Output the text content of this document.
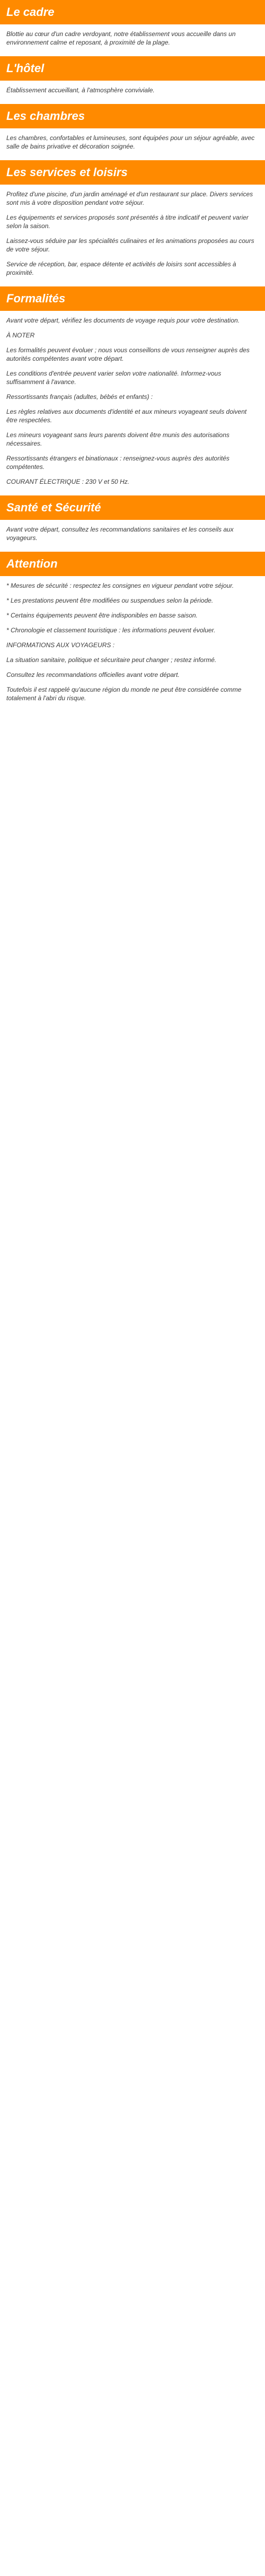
Le cadre

Blottie au cœur d'un cadre verdoyant, notre établissement vous accueille dans un environnement calme et reposant, à proximité de la plage.

L'hôtel

Établissement accueillant, à l'atmosphère conviviale.

Les chambres

Les chambres, confortables et lumineuses, sont équipées pour un séjour agréable, avec salle de bains privative et décoration soignée.

Les services et loisirs

Profitez d'une piscine, d'un jardin aménagé et d'un restaurant sur place. Divers services sont mis à votre disposition pendant votre séjour.

Les équipements et services proposés sont présentés à titre indicatif et peuvent varier selon la saison.

Laissez-vous séduire par les spécialités culinaires et les animations proposées au cours de votre séjour.

Service de réception, bar, espace détente et activités de loisirs sont accessibles à proximité.

Formalités

Avant votre départ, vérifiez les documents de voyage requis pour votre destination.

À NOTER

Les formalités peuvent évoluer ; nous vous conseillons de vous renseigner auprès des autorités compétentes avant votre départ.

Les conditions d'entrée peuvent varier selon votre nationalité. Informez-vous suffisamment à l'avance.

Ressortissants français (adultes, bébés et enfants) :

Les règles relatives aux documents d'identité et aux mineurs voyageant seuls doivent être respectées.

Les mineurs voyageant sans leurs parents doivent être munis des autorisations nécessaires.

Ressortissants étrangers et binationaux : renseignez-vous auprès des autorités compétentes.

COURANT ÉLECTRIQUE : 230 V et 50 Hz.

Santé et Sécurité

Avant votre départ, consultez les recommandations sanitaires et les conseils aux voyageurs.

Attention

* Mesures de sécurité : respectez les consignes en vigueur pendant votre séjour.

* Les prestations peuvent être modifiées ou suspendues selon la période.

* Certains équipements peuvent être indisponibles en basse saison.

* Chronologie et classement touristique : les informations peuvent évoluer.

INFORMATIONS AUX VOYAGEURS :

La situation sanitaire, politique et sécuritaire peut changer ; restez informé.

Consultez les recommandations officielles avant votre départ.

Toutefois il est rappelé qu'aucune région du monde ne peut être considérée comme totalement à l'abri du risque.
